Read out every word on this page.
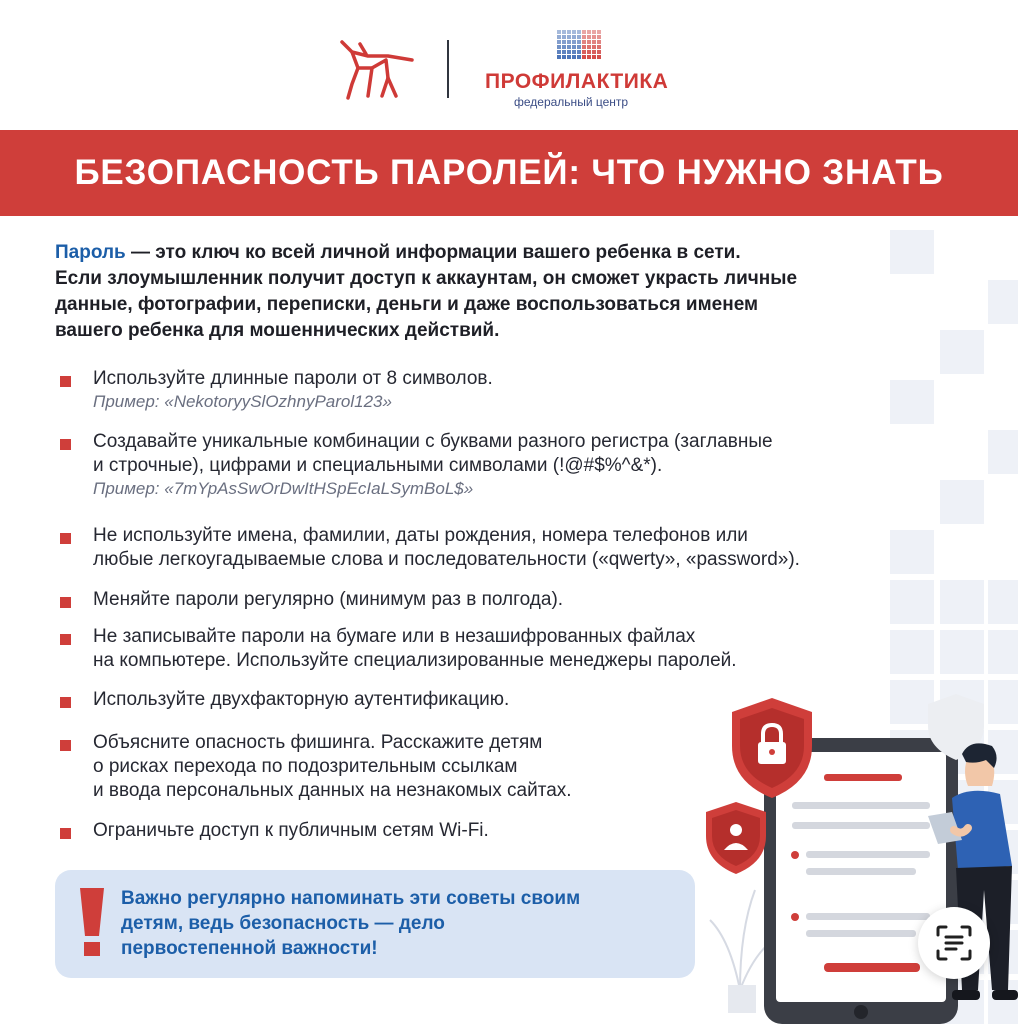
ПРОФИЛАКТИКА
федеральный центр
БЕЗОПАСНОСТЬ ПАРОЛЕЙ: ЧТО НУЖНО ЗНАТЬ
Пароль — это ключ ко всей личной информации вашего ребенка в сети.
Если злоумышленник получит доступ к аккаунтам, он сможет украсть личные
данные, фотографии, переписки, деньги и даже воспользоваться именем
вашего ребенка для мошеннических действий.
Используйте длинные пароли от 8 символов.
Пример: «NekotoryySlOzhnyParol123»
Создавайте уникальные комбинации с буквами разного регистра (заглавные
и строчные), цифрами и специальными символами (!@#$%^&*).
Пример: «7mYpAsSwOrDwItHSpEcIaLSymBoL$»
Не используйте имена, фамилии, даты рождения, номера телефонов или
любые легкоугадываемые слова и последовательности («qwerty», «password»).
Меняйте пароли регулярно (минимум раз в полгода).
Не записывайте пароли на бумаге или в незашифрованных файлах
на компьютере. Используйте специализированные менеджеры паролей.
Используйте двухфакторную аутентификацию.
Объясните опасность фишинга. Расскажите детям
о рисках перехода по подозрительным ссылкам
и ввода персональных данных на незнакомых сайтах.
Ограничьте доступ к публичным сетям Wi-Fi.
Важно регулярно напоминать эти советы своим
детям, ведь безопасность — дело
первостепенной важности!
